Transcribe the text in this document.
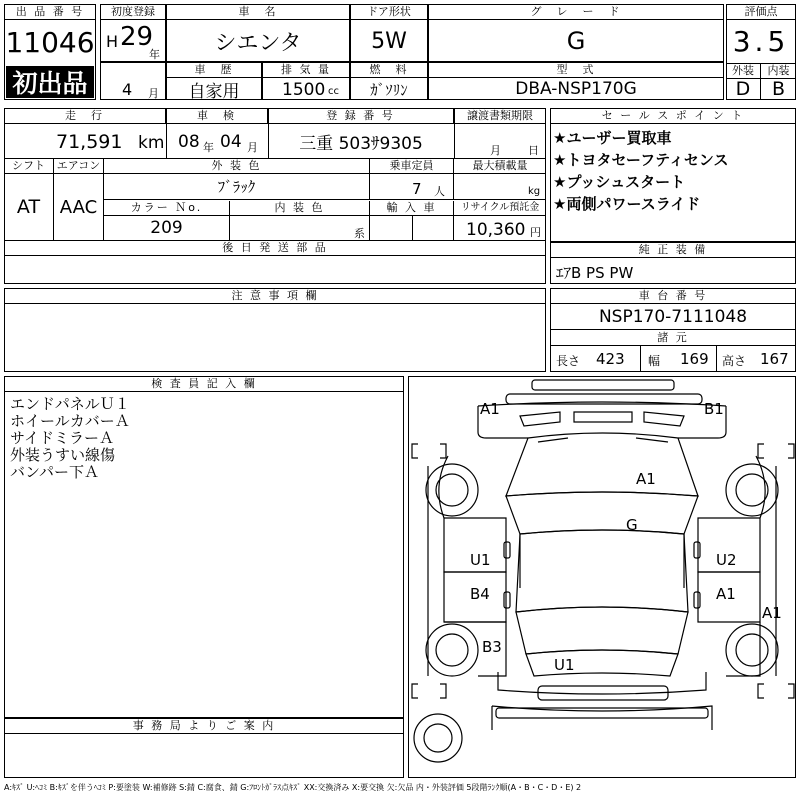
出 品 番 号
11046
初出品
初度登録
H 29
年
車　名
シエンタ
ドア形状
5W
グ　レ　ー　ド
G
評価点
3.5
外装	内装
D	B
4 月
車　歴
自家用
排 気 量
1500 cc
燃　料
ｶﾞｿﾘﾝ
型　式
DBA-NSP170G
走　行
71,591 km
車　検
08 年 04 月
登 録 番 号
三重 503ｻ9305
譲渡書類期限
月 日
シフト
AT
エアコン
AAC
外 装 色
ﾌﾞﾗｯｸ
乗車定員
7 人
最大積載量
kg
カラー Ｎo.
209
内 装 色
系
輸 入 車	リサイクル預託金
10,360 円
後 日 発 送 部 品
セ ー ル ス ポ イ ン ト
★ユーザー買取車
★トヨタセーフティセンス
★プッシュスタート
★両側パワースライド
純 正 装 備
ｴｱB PS PW
注 意 事 項 欄	車 台 番 号
NSP170-7111048
諸 元
長さ 423 幅 169 高さ 167
検 査 員 記 入 欄
エンドパネルＵ１
ホイールカバーＡ
サイドミラーＡ
外装うすい線傷
バンパー下Ａ
事 務 局 よ り ご 案 内
A1	B1
A1
G
U1	U2
B4	A1
A1
B3
U1
A:ｷｽﾞ U:ﾍｺﾐ B:ｷｽﾞを伴うﾍｺﾐ P:要塗装 W:補修跡 S:錆 C:腐食、錆 G:ﾌﾛﾝﾄｶﾞﾗｽ点ｷｽﾞ XX:交換済み X:要交換 欠:欠品 内・外装評価 5段階ﾗﾝｸ順(A・B・C・D・E) 2
